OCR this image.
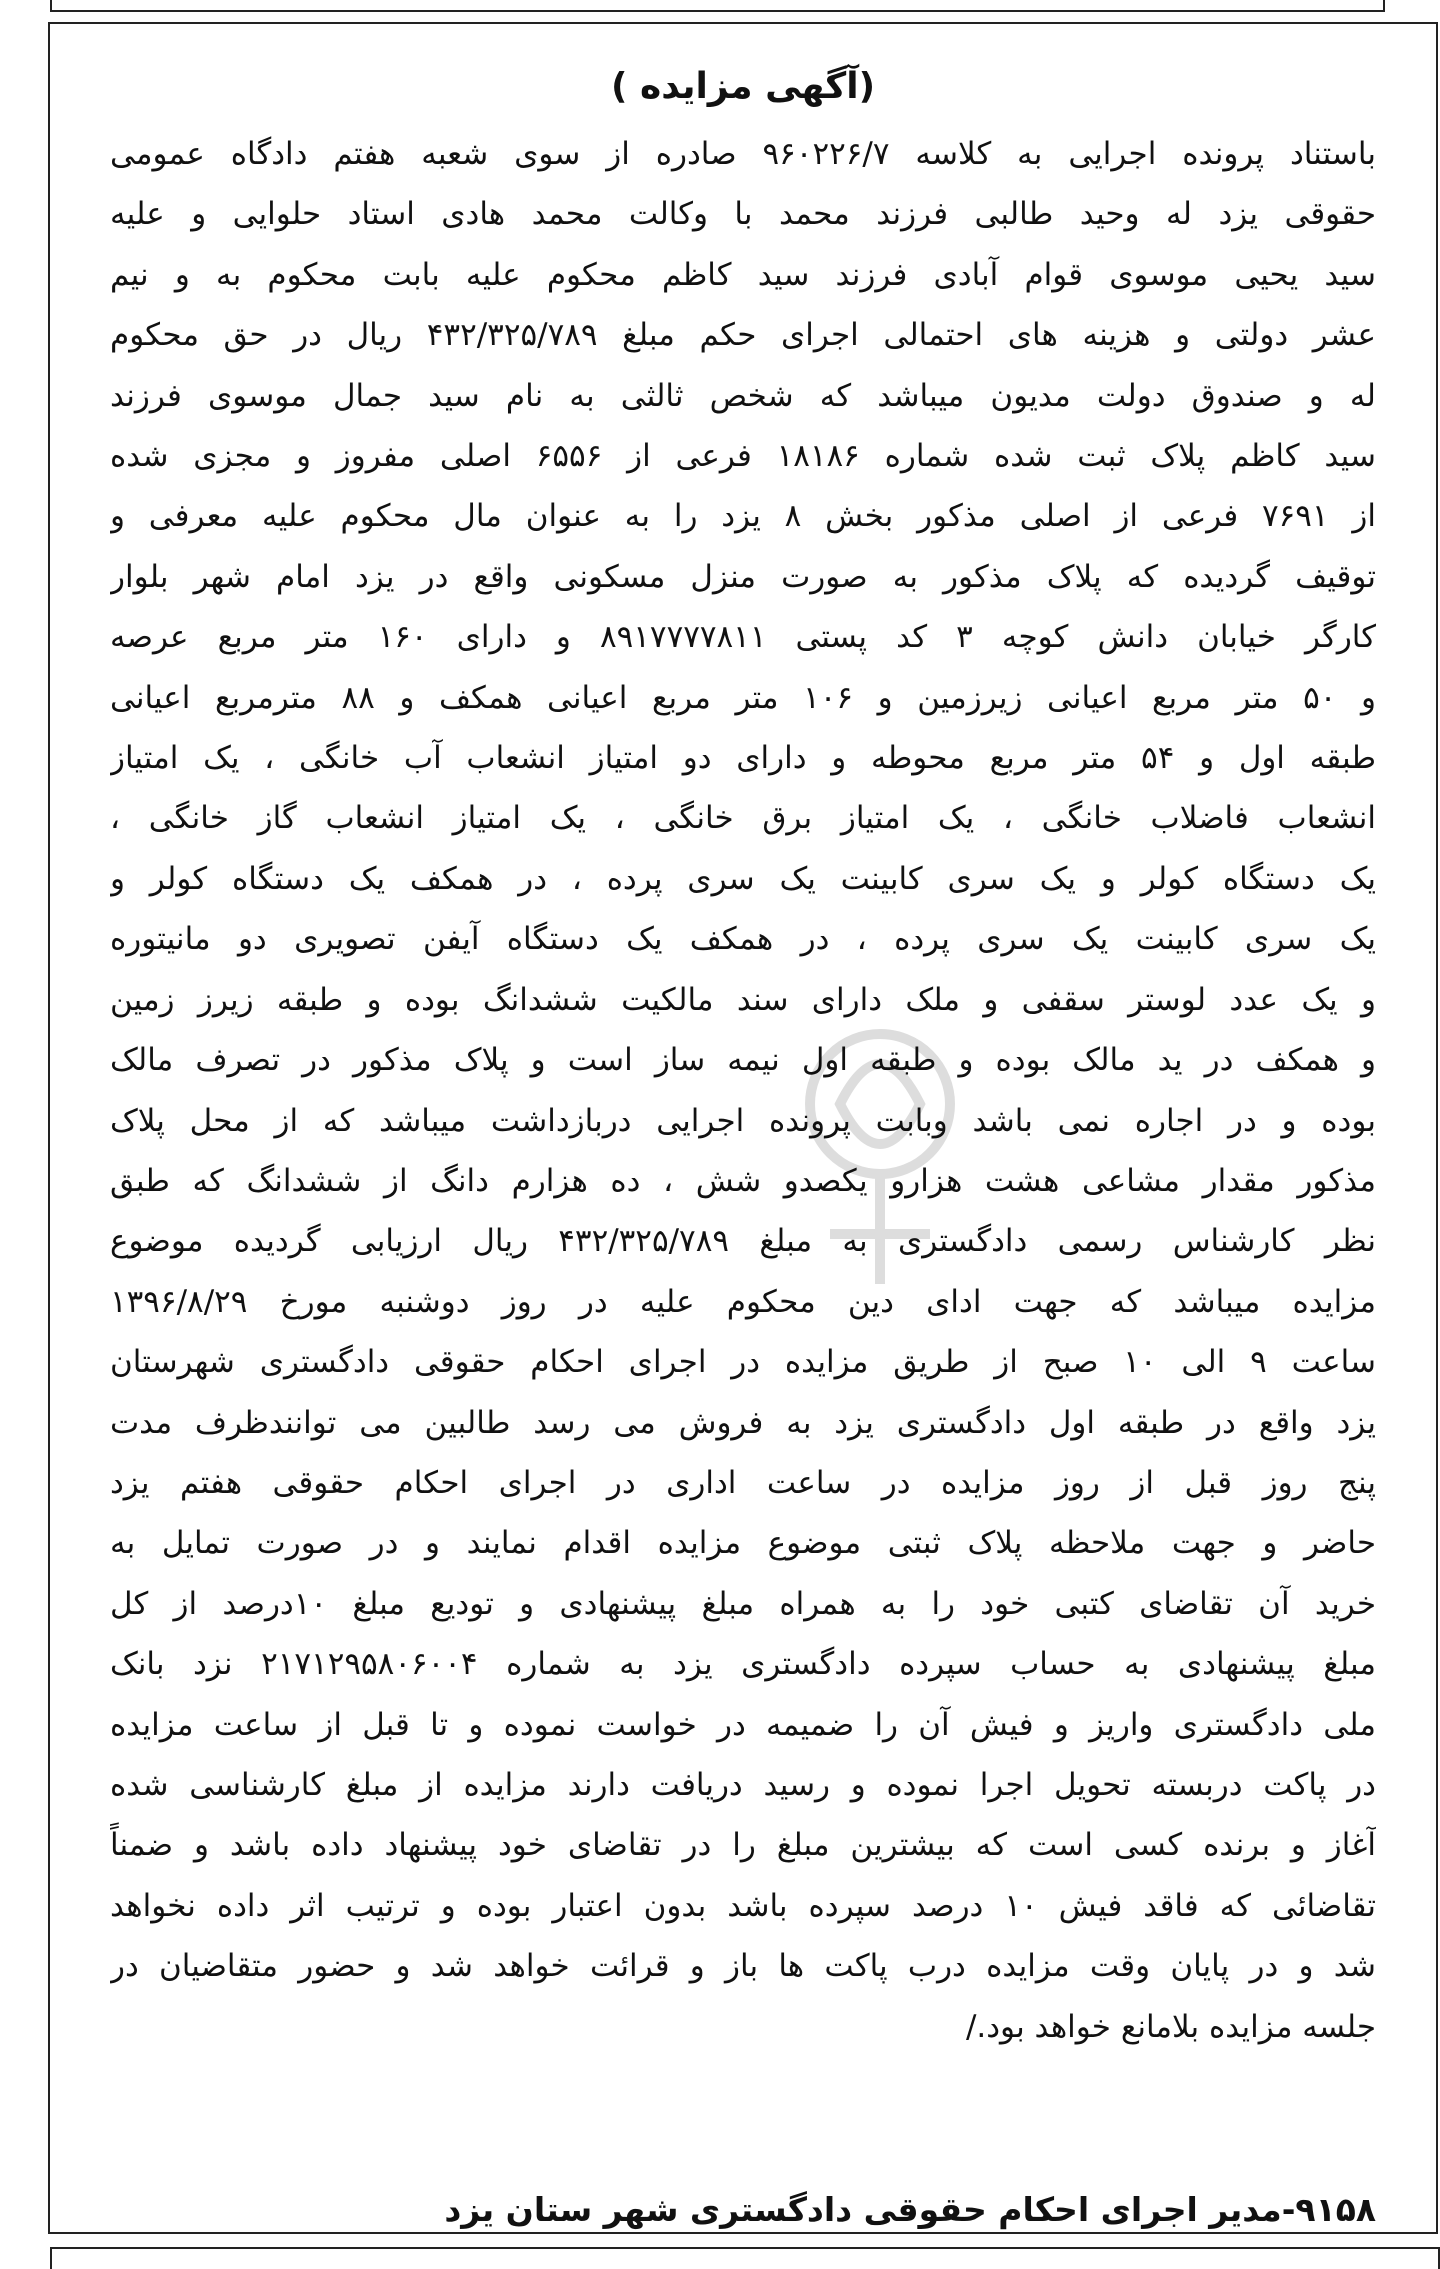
( آگهی مزایده)
باستناد پرونده اجرایی به کلاسه ۹۶۰۲۲۶/۷ صادره از سوی شعبه هفتم دادگاه عمومی
حقوقی یزد له وحید طالبی فرزند محمد با وکالت محمد هادی استاد حلوایی و علیه
سید یحیی موسوی قوام آبادی فرزند سید کاظم محکوم علیه بابت محکوم به و نیم
عشر دولتی و هزینه های احتمالی اجرای حکم مبلغ ۴۳۲/۳۲۵/۷۸۹ ریال در حق محکوم
له و صندوق دولت مدیون میباشد که شخص ثالثی به نام سید جمال موسوی فرزند
سید کاظم پلاک ثبت شده شماره ۱۸۱۸۶ فرعی از ۶۵۵۶ اصلی مفروز و مجزی شده
از ۷۶۹۱ فرعی از اصلی مذکور بخش ۸ یزد را به عنوان مال محکوم علیه معرفی و
توقیف گردیده که پلاک مذکور به صورت منزل مسکونی واقع در یزد امام شهر بلوار
کارگر خیابان دانش کوچه ۳ کد پستی ۸۹۱۷۷۷۷۸۱۱ و دارای ۱۶۰ متر مربع عرصه
و ۵۰ متر مربع اعیانی زیرزمین و ۱۰۶ متر مربع اعیانی همکف و ۸۸ مترمربع اعیانی
طبقه اول و ۵۴ متر مربع محوطه و دارای دو امتیاز انشعاب آب خانگی ، یک امتیاز
انشعاب فاضلاب خانگی ، یک امتیاز برق خانگی ، یک امتیاز انشعاب گاز خانگی ،
یک دستگاه کولر و یک سری کابینت یک سری پرده ، در همکف یک دستگاه کولر و
یک سری کابینت یک سری پرده ، در همکف یک دستگاه آیفن تصویری دو مانیتوره
و یک عدد لوستر سقفی و ملک دارای سند مالکیت ششدانگ بوده و طبقه زیرز زمین
و همکف در ید مالک بوده و طبقه اول نیمه ساز است و پلاک مذکور در تصرف مالک
بوده و در اجاره نمی باشد وبابت پرونده اجرایی دربازداشت میباشد که از محل پلاک
مذکور مقدار مشاعی هشت هزارو یکصدو شش ، ده هزارم دانگ از ششدانگ که طبق
نظر کارشناس رسمی دادگستری به مبلغ ۴۳۲/۳۲۵/۷۸۹ ریال ارزیابی گردیده موضوع
مزایده میباشد که جهت ادای دین محکوم علیه در روز دوشنبه مورخ ۱۳۹۶/۸/۲۹
ساعت ۹ الی ۱۰ صبح از طریق مزایده در اجرای احکام حقوقی دادگستری شهرستان
یزد واقع در طبقه اول دادگستری یزد به فروش می رسد طالبین می توانندظرف مدت
پنج روز قبل از روز مزایده در ساعت اداری در اجرای احکام حقوقی هفتم یزد
حاضر و جهت ملاحظه پلاک ثبتی موضوع مزایده اقدام نمایند و در صورت تمایل به
خرید آن تقاضای کتبی خود را به همراه مبلغ پیشنهادی و تودیع مبلغ ۱۰درصد از کل
مبلغ پیشنهادی به حساب سپرده دادگستری یزد به شماره ۲۱۷۱۲۹۵۸۰۶۰۰۴ نزد بانک
ملی دادگستری واریز و فیش آن را ضمیمه در خواست نموده و تا قبل از ساعت مزایده
در پاکت دربسته تحویل اجرا نموده و رسید دریافت دارند مزایده از مبلغ کارشناسی شده
آغاز و برنده کسی است که بیشترین مبلغ را در تقاضای خود پیشنهاد داده باشد و ضمناً
تقاضائی که فاقد فیش ۱۰ درصد سپرده باشد بدون اعتبار بوده و ترتیب اثر داده نخواهد
شد و در پایان وقت مزایده درب پاکت ها باز و قرائت خواهد شد و حضور متقاضیان در
جلسه مزایده بلامانع خواهد بود./
۹۱۵۸-مدیر اجرای احکام حقوقی دادگستری شهر ستان یزد
